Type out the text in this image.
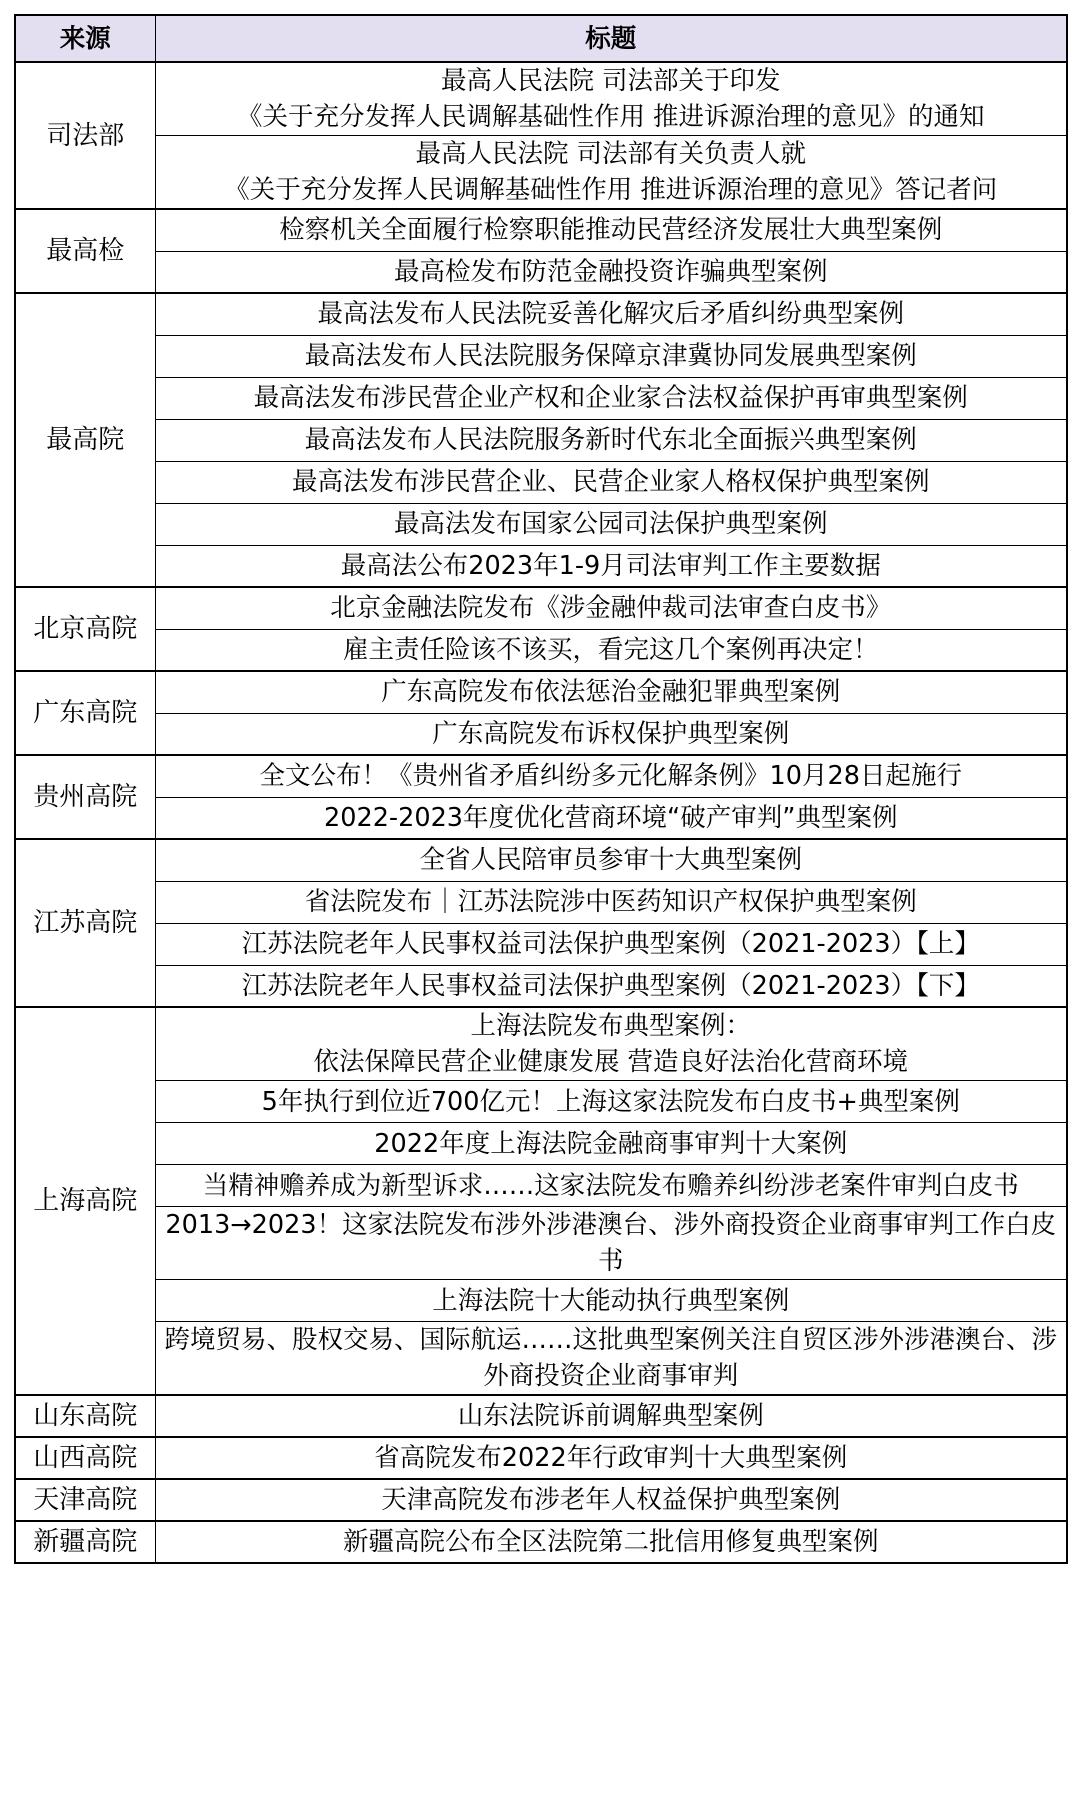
来源	标题
司法部	最高人民法院 司法部关于印发
《关于充分发挥人民调解基础性作用 推进诉源治理的意见》的通知

	最高人民法院 司法部有关负责人就
《关于充分发挥人民调解基础性作用 推进诉源治理的意见》答记者问

最高检	检察机关全面履行检察职能推动民营经济发展壮大典型案例

	最高检发布防范金融投资诈骗典型案例

最高院	最高法发布人民法院妥善化解灾后矛盾纠纷典型案例

	最高法发布人民法院服务保障京津冀协同发展典型案例

	最高法发布涉民营企业产权和企业家合法权益保护再审典型案例

	最高法发布人民法院服务新时代东北全面振兴典型案例

	最高法发布涉民营企业、民营企业家人格权保护典型案例

	最高法发布国家公园司法保护典型案例

	最高法公布2023年1-9月司法审判工作主要数据

北京高院	北京金融法院发布《涉金融仲裁司法审查白皮书》

	雇主责任险该不该买，看完这几个案例再决定！

广东高院	广东高院发布依法惩治金融犯罪典型案例

	广东高院发布诉权保护典型案例

贵州高院	全文公布！《贵州省矛盾纠纷多元化解条例》10月28日起施行

	2022-2023年度优化营商环境“破产审判”典型案例

江苏高院	全省人民陪审员参审十大典型案例

	省法院发布｜江苏法院涉中医药知识产权保护典型案例

	江苏法院老年人民事权益司法保护典型案例（2021-2023）【上】

	江苏法院老年人民事权益司法保护典型案例（2021-2023）【下】

上海高院	上海法院发布典型案例：
依法保障民营企业健康发展 营造良好法治化营商环境

	5年执行到位近700亿元！上海这家法院发布白皮书+典型案例

	2022年度上海法院金融商事审判十大案例

	当精神赡养成为新型诉求……这家法院发布赡养纠纷涉老案件审判白皮书

	2013→2023！这家法院发布涉外涉港澳台、涉外商投资企业商事审判工作白皮书

	上海法院十大能动执行典型案例

	跨境贸易、股权交易、国际航运……这批典型案例关注自贸区涉外涉港澳台、涉外商投资企业商事审判

山东高院	山东法院诉前调解典型案例

山西高院	省高院发布2022年行政审判十大典型案例

天津高院	天津高院发布涉老年人权益保护典型案例

新疆高院	新疆高院公布全区法院第二批信用修复典型案例
